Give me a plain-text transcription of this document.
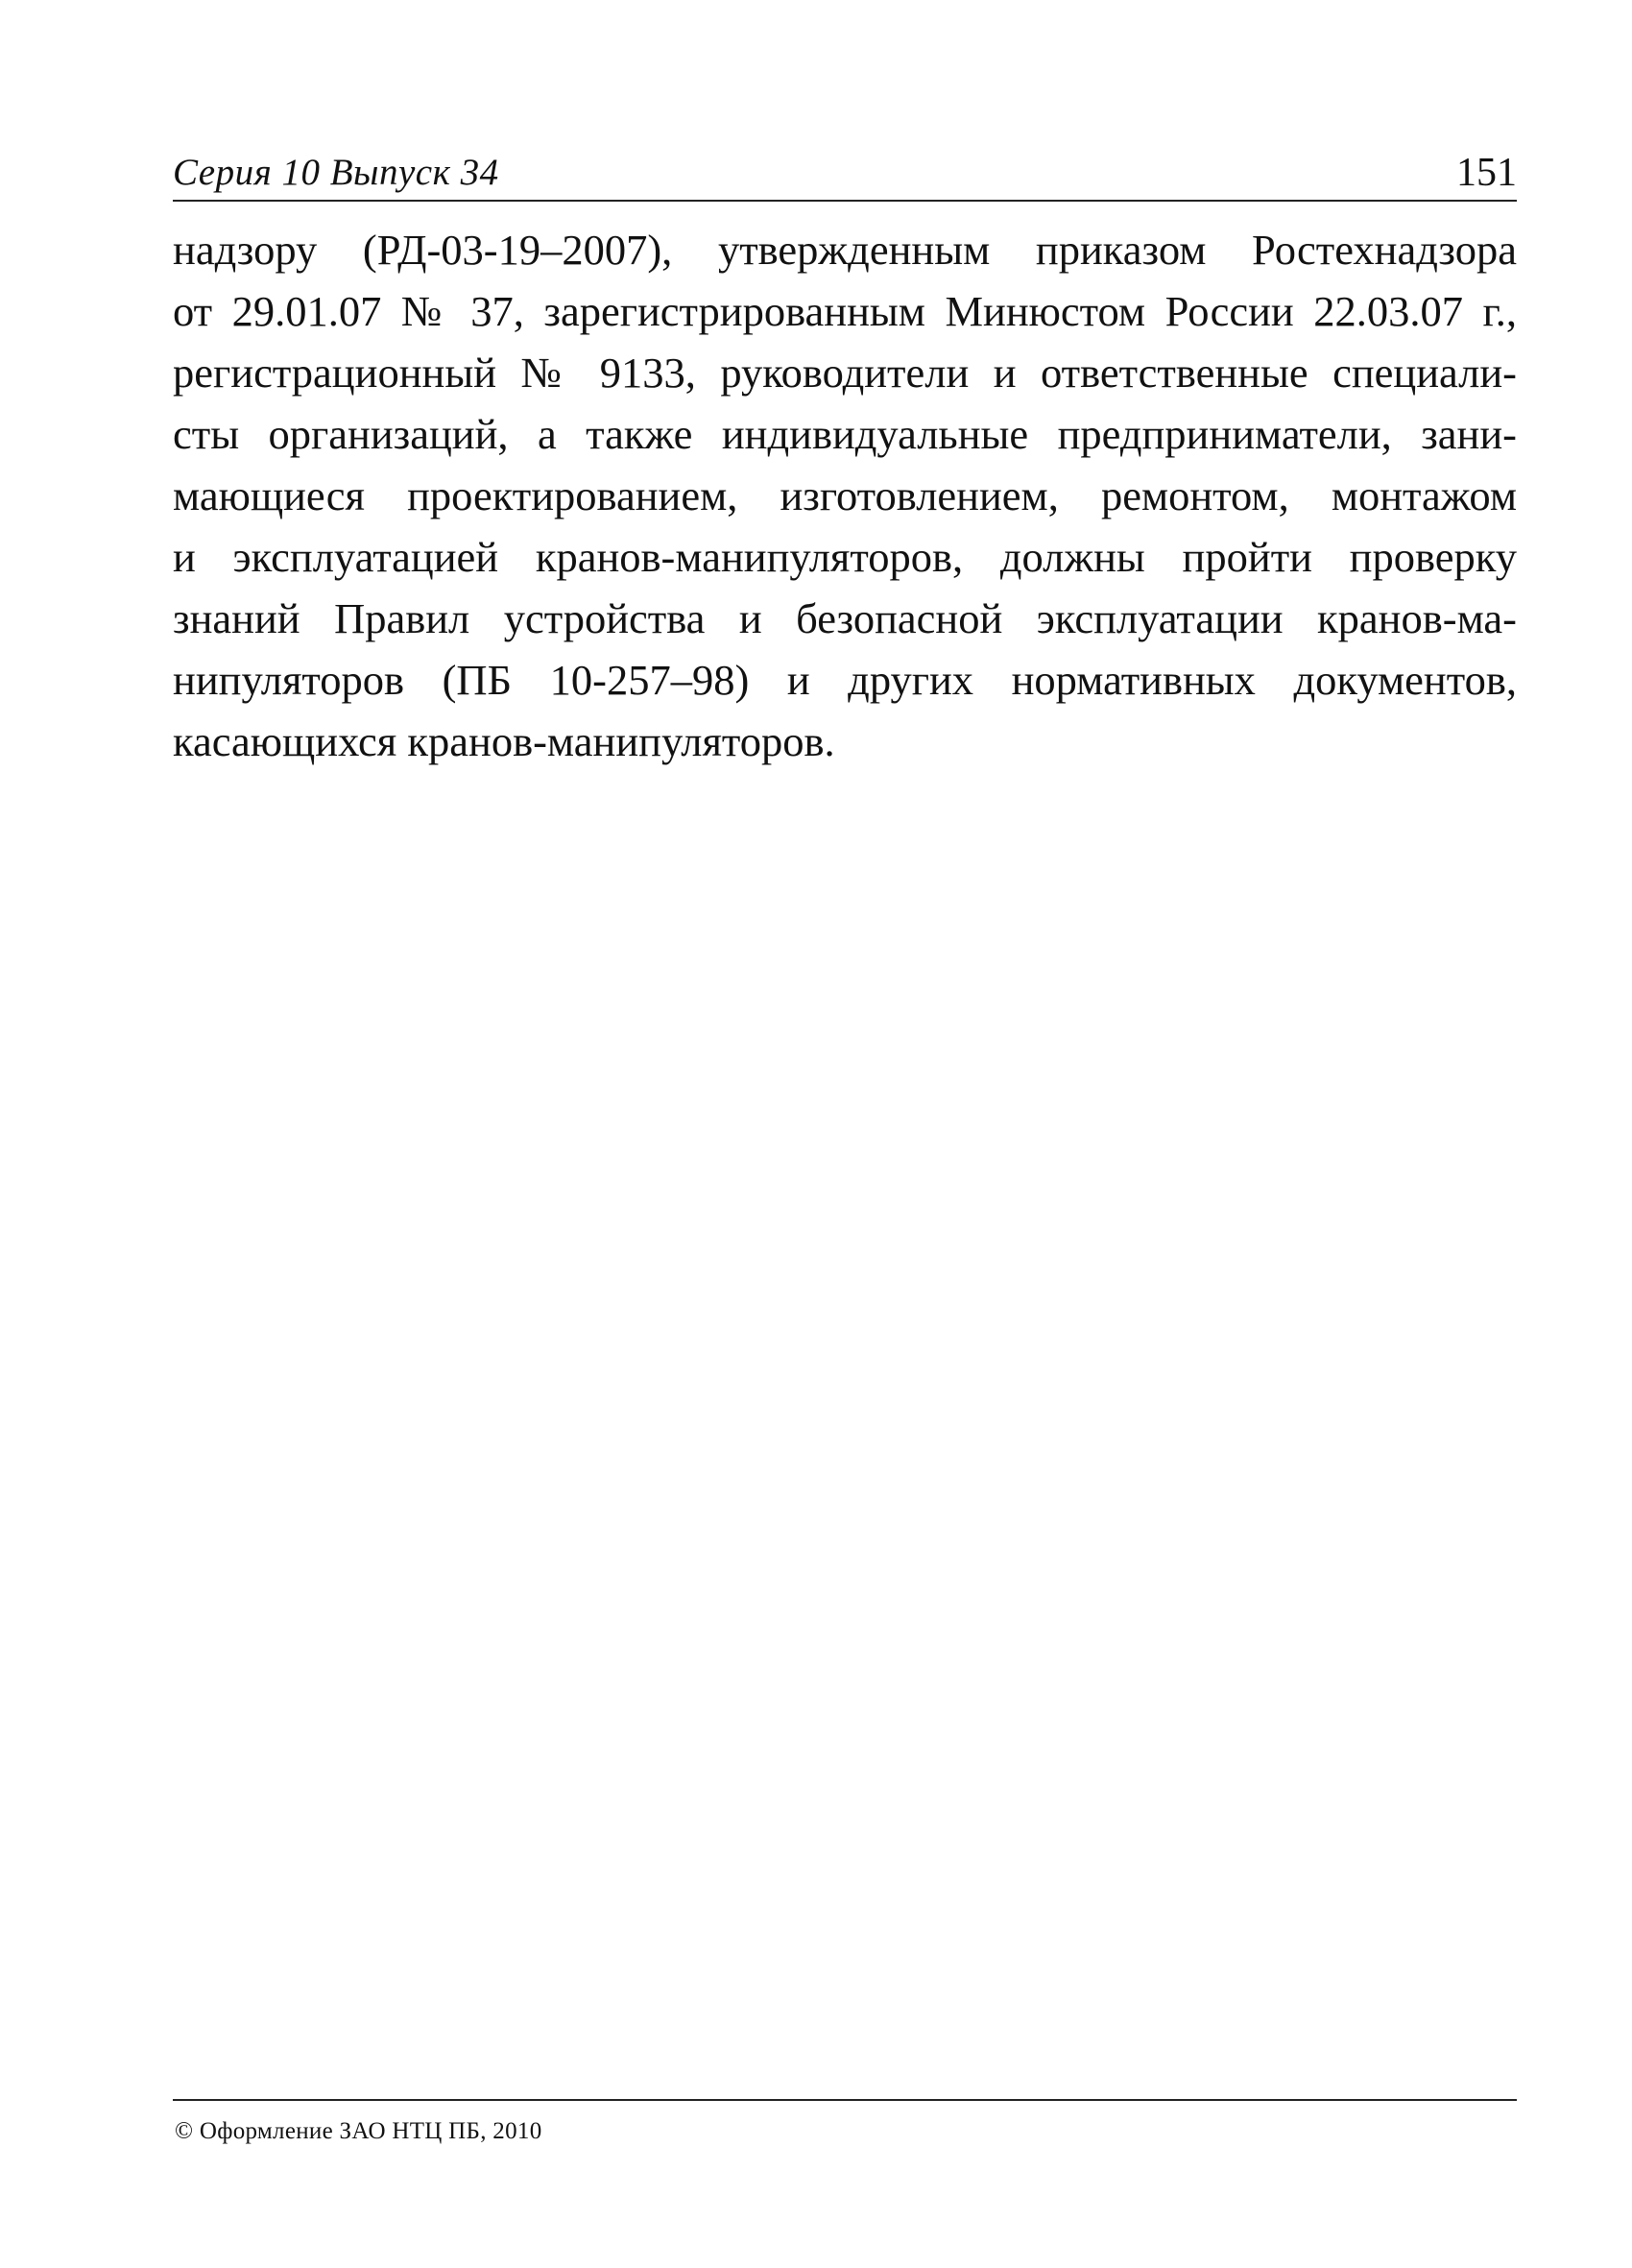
Серия 10 Выпуск 34	151
надзору (РД-03-19–2007), утвержденным приказом Ростехнадзора
от 29.01.07 № 37, зарегистрированным Минюстом России 22.03.07 г.,
регистрационный № 9133, руководители и ответственные специали-
сты организаций, а также индивидуальные предприниматели, зани-
мающиеся проектированием, изготовлением, ремонтом, монтажом
и эксплуатацией кранов-манипуляторов, должны пройти проверку
знаний Правил устройства и безопасной эксплуатации кранов-ма-
нипуляторов (ПБ 10-257–98) и других нормативных документов,
касающихся кранов-манипуляторов.
© Оформление ЗАО НТЦ ПБ, 2010
